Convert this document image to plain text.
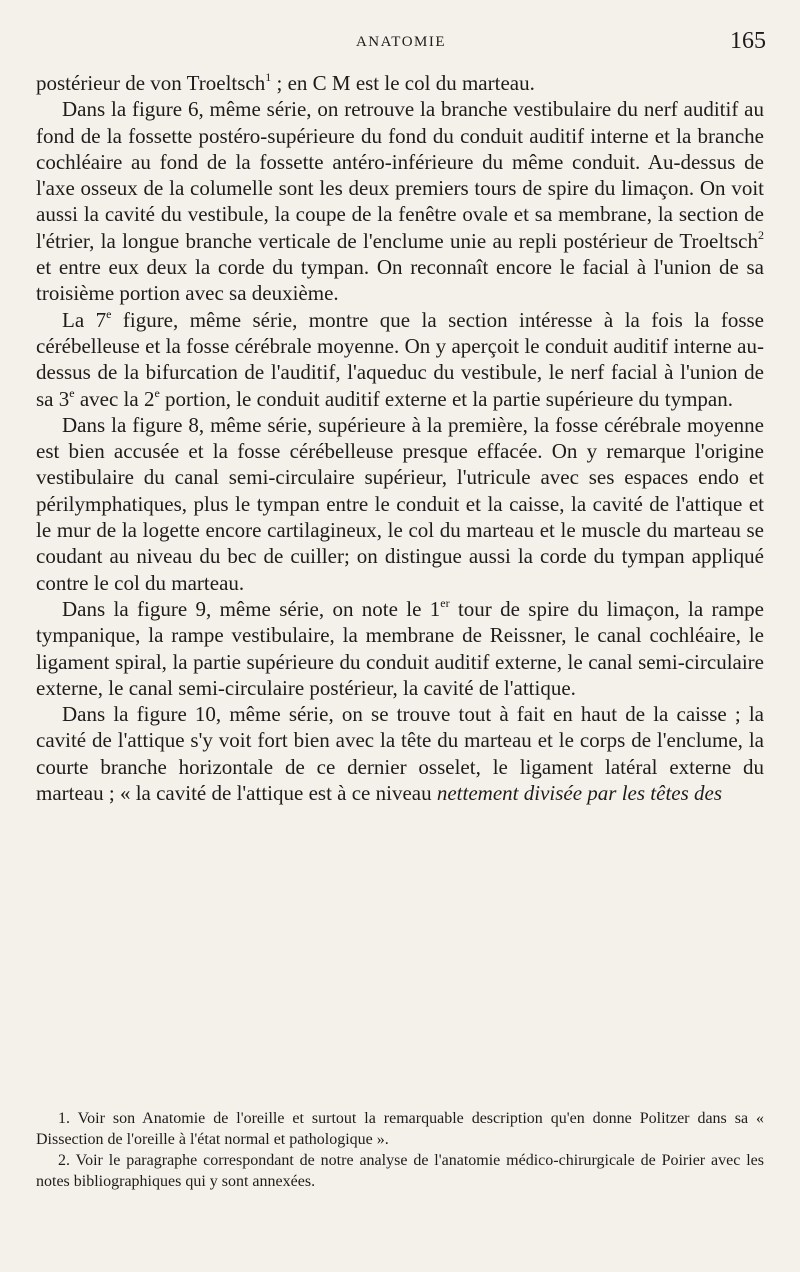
ANATOMIE	165

postérieur de von Troeltsch$^1$ ; en C M est le col du marteau.

Dans la figure 6, même série, on retrouve la branche vestibulaire du nerf auditif au fond de la fossette postéro-supérieure du fond du conduit auditif interne et la branche cochléaire au fond de la fossette antéro-inférieure du même conduit. Au-dessus de l'axe osseux de la columelle sont les deux premiers tours de spire du limaçon. On voit aussi la cavité du vestibule, la coupe de la fenêtre ovale et sa membrane, la section de l'étrier, la longue branche verticale de l'enclume unie au repli postérieur de Troeltsch$^2$ et entre eux deux la corde du tympan. On reconnaît encore le facial à l'union de sa troisième portion avec sa deuxième.

La 7e figure, même série, montre que la section intéresse à la fois la fosse cérébelleuse et la fosse cérébrale moyenne. On y aperçoit le conduit auditif interne au-dessus de la bifurcation de l'auditif, l'aqueduc du vestibule, le nerf facial à l'union de sa 3e avec la 2e portion, le conduit auditif externe et la partie supérieure du tympan.

Dans la figure 8, même série, supérieure à la première, la fosse cérébrale moyenne est bien accusée et la fosse cérébelleuse presque effacée. On y remarque l'origine vestibulaire du canal semi-circulaire supérieur, l'utricule avec ses espaces endo et périlymphatiques, plus le tympan entre le conduit et la caisse, la cavité de l'attique et le mur de la logette encore cartilagineux, le col du marteau et le muscle du marteau se coudant au niveau du bec de cuiller; on distingue aussi la corde du tympan appliqué contre le col du marteau.

Dans la figure 9, même série, on note le 1er tour de spire du limaçon, la rampe tympanique, la rampe vestibulaire, la membrane de Reissner, le canal cochléaire, le ligament spiral, la partie supérieure du conduit auditif externe, le canal semi-circulaire externe, le canal semi-circulaire postérieur, la cavité de l'attique.

Dans la figure 10, même série, on se trouve tout à fait en haut de la caisse ; la cavité de l'attique s'y voit fort bien avec la tête du marteau et le corps de l'enclume, la courte branche horizontale de ce dernier osselet, le ligament latéral externe du marteau ; « la cavité de l'attique est à ce niveau nettement divisée par les têtes des

1. Voir son Anatomie de l'oreille et surtout la remarquable description qu'en donne Politzer dans sa « Dissection de l'oreille à l'état normal et pathologique ».

2. Voir le paragraphe correspondant de notre analyse de l'anatomie médico-chirurgicale de Poirier avec les notes bibliographiques qui y sont annexées.
